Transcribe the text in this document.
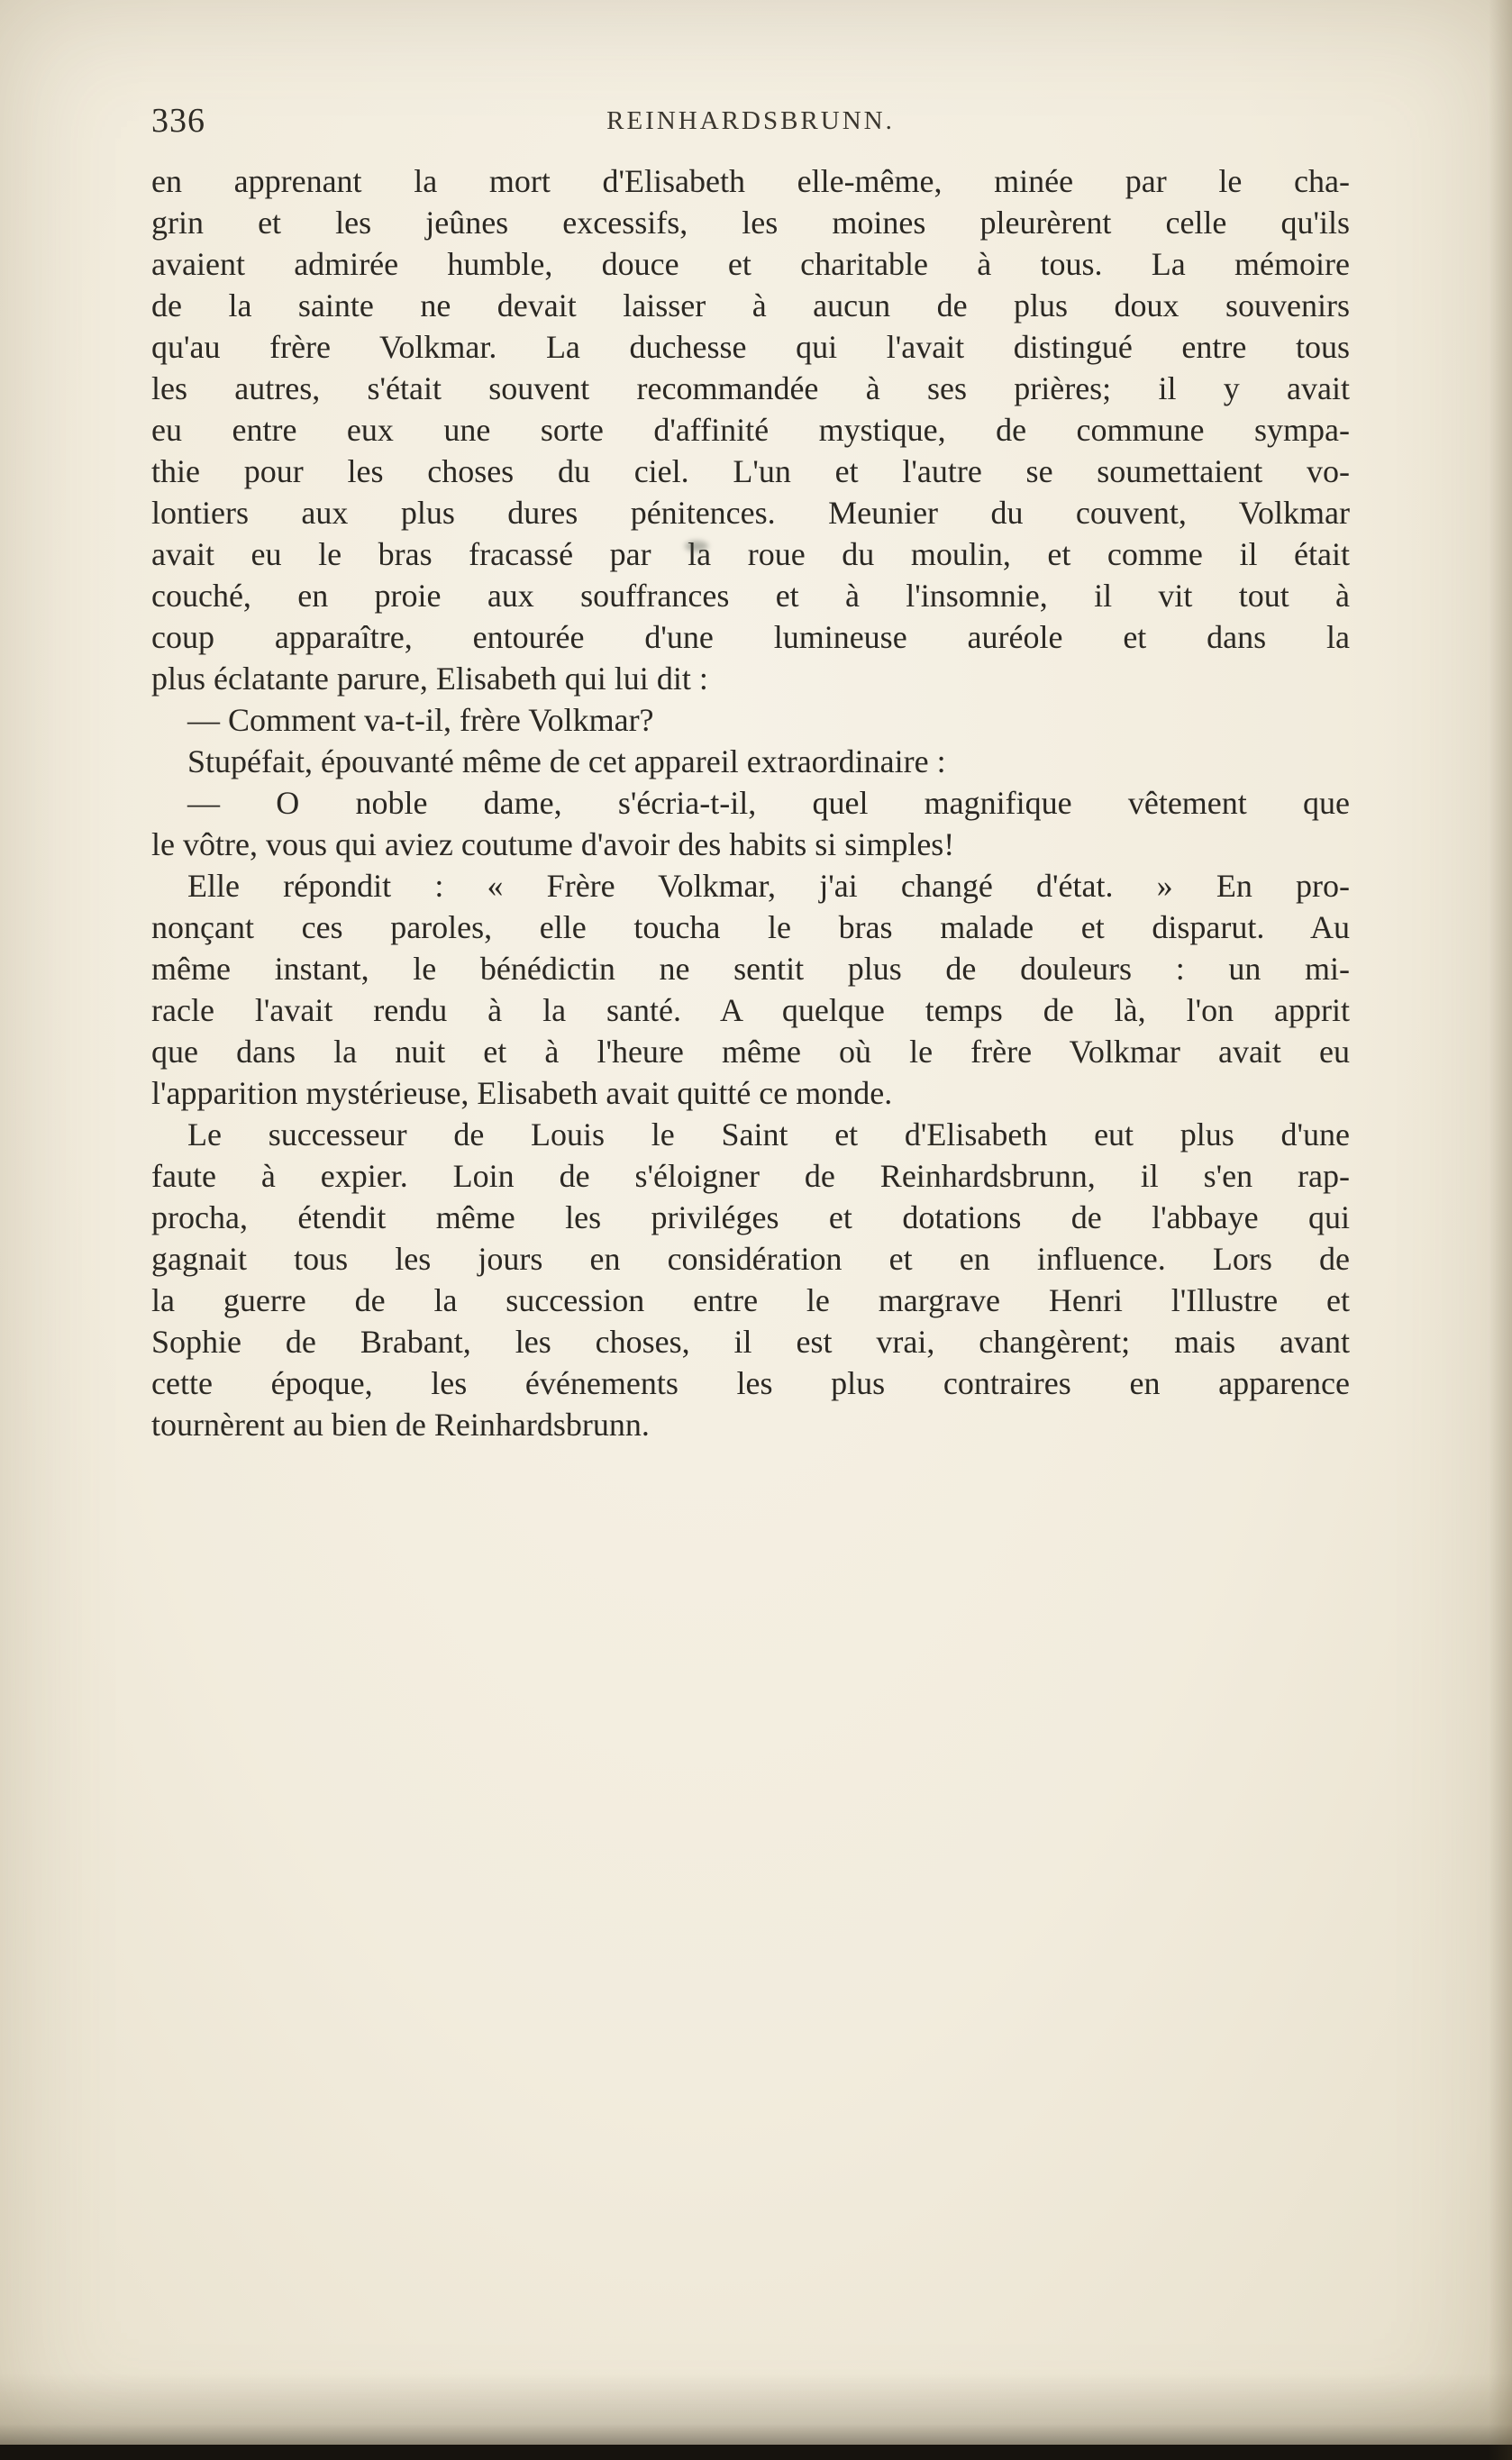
336	REINHARDSBRUNN.
en apprenant la mort d'Elisabeth elle-même, minée par le cha-
grin et les jeûnes excessifs, les moines pleurèrent celle qu'ils
avaient admirée humble, douce et charitable à tous. La mémoire
de la sainte ne devait laisser à aucun de plus doux souvenirs
qu'au frère Volkmar. La duchesse qui l'avait distingué entre tous
les autres, s'était souvent recommandée à ses prières; il y avait
eu entre eux une sorte d'affinité mystique, de commune sympa-
thie pour les choses du ciel. L'un et l'autre se soumettaient vo-
lontiers aux plus dures pénitences. Meunier du couvent, Volkmar
avait eu le bras fracassé par la roue du moulin, et comme il était
couché, en proie aux souffrances et à l'insomnie, il vit tout à
coup apparaître, entourée d'une lumineuse auréole et dans la
plus éclatante parure, Elisabeth qui lui dit :
— Comment va-t-il, frère Volkmar?
Stupéfait, épouvanté même de cet appareil extraordinaire :
— O noble dame, s'écria-t-il, quel magnifique vêtement que
le vôtre, vous qui aviez coutume d'avoir des habits si simples!
Elle répondit : « Frère Volkmar, j'ai changé d'état. » En pro-
nonçant ces paroles, elle toucha le bras malade et disparut. Au
même instant, le bénédictin ne sentit plus de douleurs : un mi-
racle l'avait rendu à la santé. A quelque temps de là, l'on apprit
que dans la nuit et à l'heure même où le frère Volkmar avait eu
l'apparition mystérieuse, Elisabeth avait quitté ce monde.
Le successeur de Louis le Saint et d'Elisabeth eut plus d'une
faute à expier. Loin de s'éloigner de Reinhardsbrunn, il s'en rap-
procha, étendit même les priviléges et dotations de l'abbaye qui
gagnait tous les jours en considération et en influence. Lors de
la guerre de la succession entre le margrave Henri l'Illustre et
Sophie de Brabant, les choses, il est vrai, changèrent; mais avant
cette époque, les événements les plus contraires en apparence
tournèrent au bien de Reinhardsbrunn.
